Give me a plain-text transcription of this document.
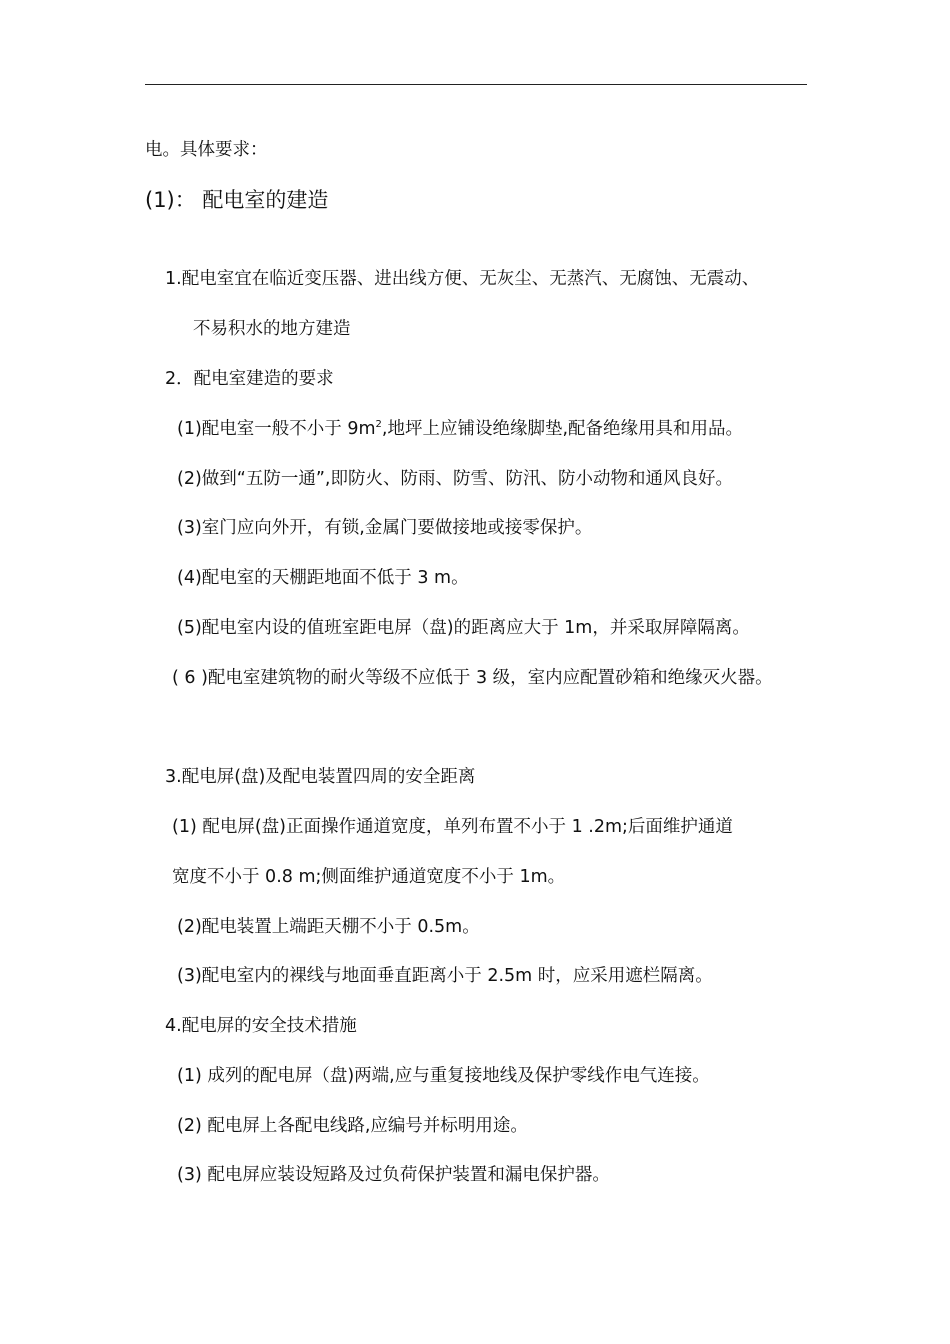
电。具体要求：
(1)： 配电室的建造
1.配电室宜在临近变压器、进出线方便、无灰尘、无蒸汽、无腐蚀、无震动、
不易积水的地方建造
2．配电室建造的要求
(1)配电室一般不小于 $9m^2$,地坪上应铺设绝缘脚垫,配备绝缘用具和用品。
(2)做到“五防一通”,即防火、防雨、防雪、防汛、防小动物和通风良好。
(3)室门应向外开，有锁,金属门要做接地或接零保护。
(4)配电室的天棚距地面不低于 3 m。
(5)配电室内设的值班室距电屏（盘)的距离应大于 1m，并采取屏障隔离。
( 6 )配电室建筑物的耐火等级不应低于 3 级，室内应配置砂箱和绝缘灭火器。
3.配电屏(盘)及配电装置四周的安全距离
(1) 配电屏(盘)正面操作通道宽度，单列布置不小于 1 .2m;后面维护通道
宽度不小于 0.8 m;侧面维护通道宽度不小于 1m。
(2)配电装置上端距天棚不小于 0.5m。
(3)配电室内的裸线与地面垂直距离小于 2.5m 时，应采用遮栏隔离。
4.配电屏的安全技术措施
(1) 成列的配电屏（盘)两端,应与重复接地线及保护零线作电气连接。
(2) 配电屏上各配电线路,应编号并标明用途。
(3) 配电屏应装设短路及过负荷保护装置和漏电保护器。
